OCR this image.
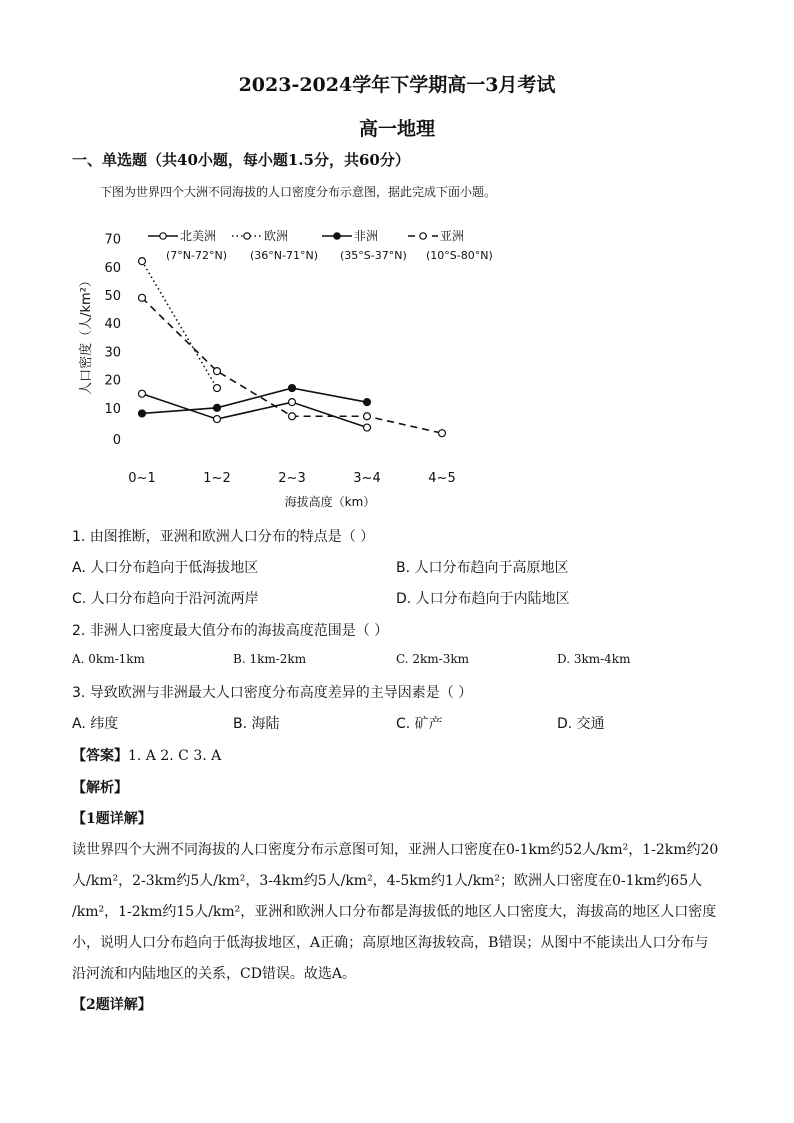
2023-2024学年下学期高一3月考试
高一地理
一、单选题（共40小题，每小题1.5分，共60分）
下图为世界四个大洲不同海拔的人口密度分布示意图，据此完成下面小题。
北美洲
(7°N-72°N)
欧洲
(36°N-71°N)
非洲
(35°S-37°N)
亚洲
(10°S-80°N)
70
60
50
40
30
20
10
0
人口密度（人/km²）
0~1	1~2	2~3	3~4	4~5
海拔高度（km）
1. 由图推断，亚洲和欧洲人口分布的特点是（ ）
A. 人口分布趋向于低海拔地区	B. 人口分布趋向于高原地区
C. 人口分布趋向于沿河流两岸	D. 人口分布趋向于内陆地区
2. 非洲人口密度最大值分布的海拔高度范围是（ ）
A. 0km-1km	B. 1km-2km	C. 2km-3km	D. 3km-4km
3. 导致欧洲与非洲最大人口密度分布高度差异的主导因素是（ ）
A. 纬度	B. 海陆	C. 矿产	D. 交通
【答案】1. A 2. C 3. A
【解析】
【1题详解】
读世界四个大洲不同海拔的人口密度分布示意图可知，亚洲人口密度在0-1km约52人/km²，1-2km约20
人/km²，2-3km约5人/km²，3-4km约5人/km²，4-5km约1人/km²；欧洲人口密度在0-1km约65人
/km²，1-2km约15人/km²，亚洲和欧洲人口分布都是海拔低的地区人口密度大，海拔高的地区人口密度
小，说明人口分布趋向于低海拔地区，A正确；高原地区海拔较高，B错误；从图中不能读出人口分布与
沿河流和内陆地区的关系，CD错误。故选A。
【2题详解】
